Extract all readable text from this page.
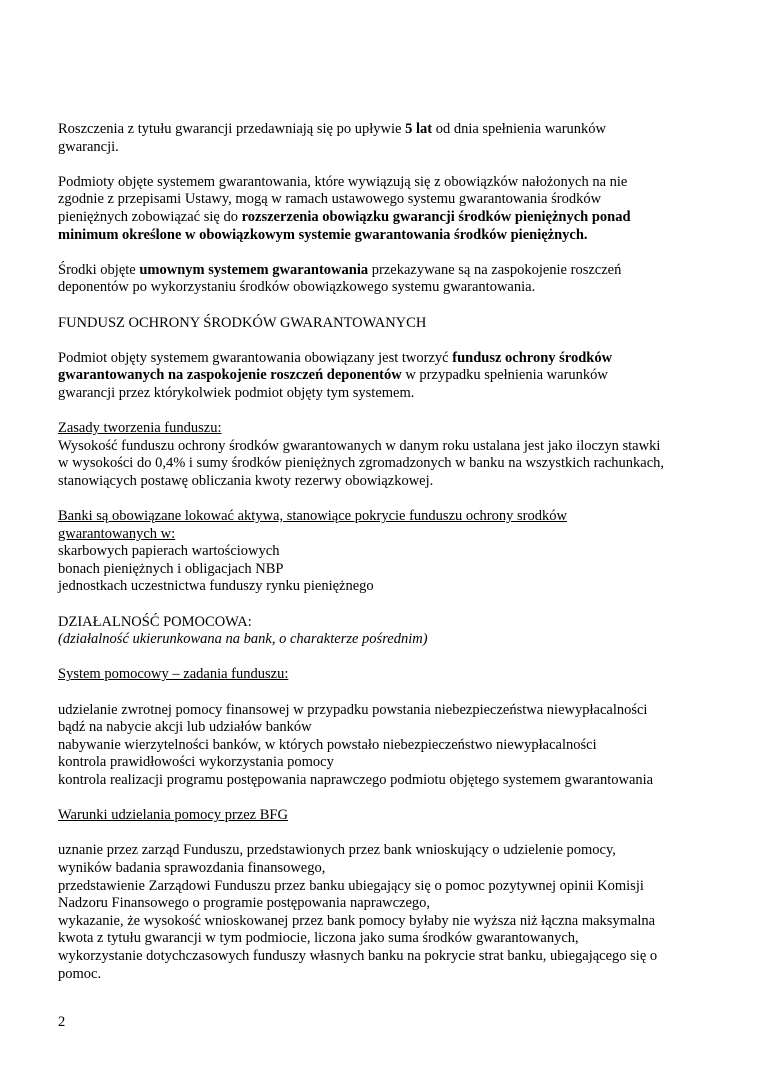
Roszczenia z tytułu gwarancji przedawniają się po upływie 5 lat od dnia spełnienia warunków
gwarancji.

Podmioty objęte systemem gwarantowania, które wywiązują się z obowiązków nałożonych na nie
zgodnie z przepisami Ustawy, mogą w ramach ustawowego systemu gwarantowania środków
pieniężnych zobowiązać się do rozszerzenia obowiązku gwarancji środków pieniężnych ponad
minimum określone w obowiązkowym systemie gwarantowania środków pieniężnych.

Środki objęte umownym systemem gwarantowania przekazywane są na zaspokojenie roszczeń
deponentów po wykorzystaniu środków obowiązkowego systemu gwarantowania.

FUNDUSZ OCHRONY ŚRODKÓW GWARANTOWANYCH

Podmiot objęty systemem gwarantowania obowiązany jest tworzyć fundusz ochrony środków
gwarantowanych na zaspokojenie roszczeń deponentów w przypadku spełnienia warunków
gwarancji przez którykolwiek podmiot objęty tym systemem.

Zasady tworzenia funduszu:
Wysokość funduszu ochrony środków gwarantowanych w danym roku ustalana jest jako iloczyn stawki
w wysokości do 0,4% i sumy środków pieniężnych zgromadzonych w banku na wszystkich rachunkach,
stanowiących postawę obliczania kwoty rezerwy obowiązkowej.

Banki są obowiązane lokować aktywa, stanowiące pokrycie funduszu ochrony srodków
gwarantowanych w:
skarbowych papierach wartościowych
bonach pieniężnych i obligacjach NBP
jednostkach uczestnictwa funduszy rynku pieniężnego

DZIAŁALNOŚĆ POMOCOWA:
(działalność ukierunkowana na bank, o charakterze pośrednim)

System pomocowy – zadania funduszu:

udzielanie zwrotnej pomocy finansowej w przypadku powstania niebezpieczeństwa niewypłacalności
bądź na nabycie akcji lub udziałów banków
nabywanie wierzytelności banków, w których powstało niebezpieczeństwo niewypłacalności
kontrola prawidłowości wykorzystania pomocy
kontrola realizacji programu postępowania naprawczego podmiotu objętego systemem gwarantowania

Warunki udzielania pomocy przez BFG

uznanie przez zarząd Funduszu, przedstawionych przez bank wnioskujący o udzielenie pomocy,
wyników badania sprawozdania finansowego,
przedstawienie Zarządowi Funduszu przez banku ubiegający się o pomoc pozytywnej opinii Komisji
Nadzoru Finansowego o programie postępowania naprawczego,
wykazanie, że wysokość wnioskowanej przez bank pomocy byłaby nie wyższa niż łączna maksymalna
kwota z tytułu gwarancji w tym podmiocie, liczona jako suma środków gwarantowanych,
wykorzystanie dotychczasowych funduszy własnych banku na pokrycie strat banku, ubiegającego się o
pomoc.

2
